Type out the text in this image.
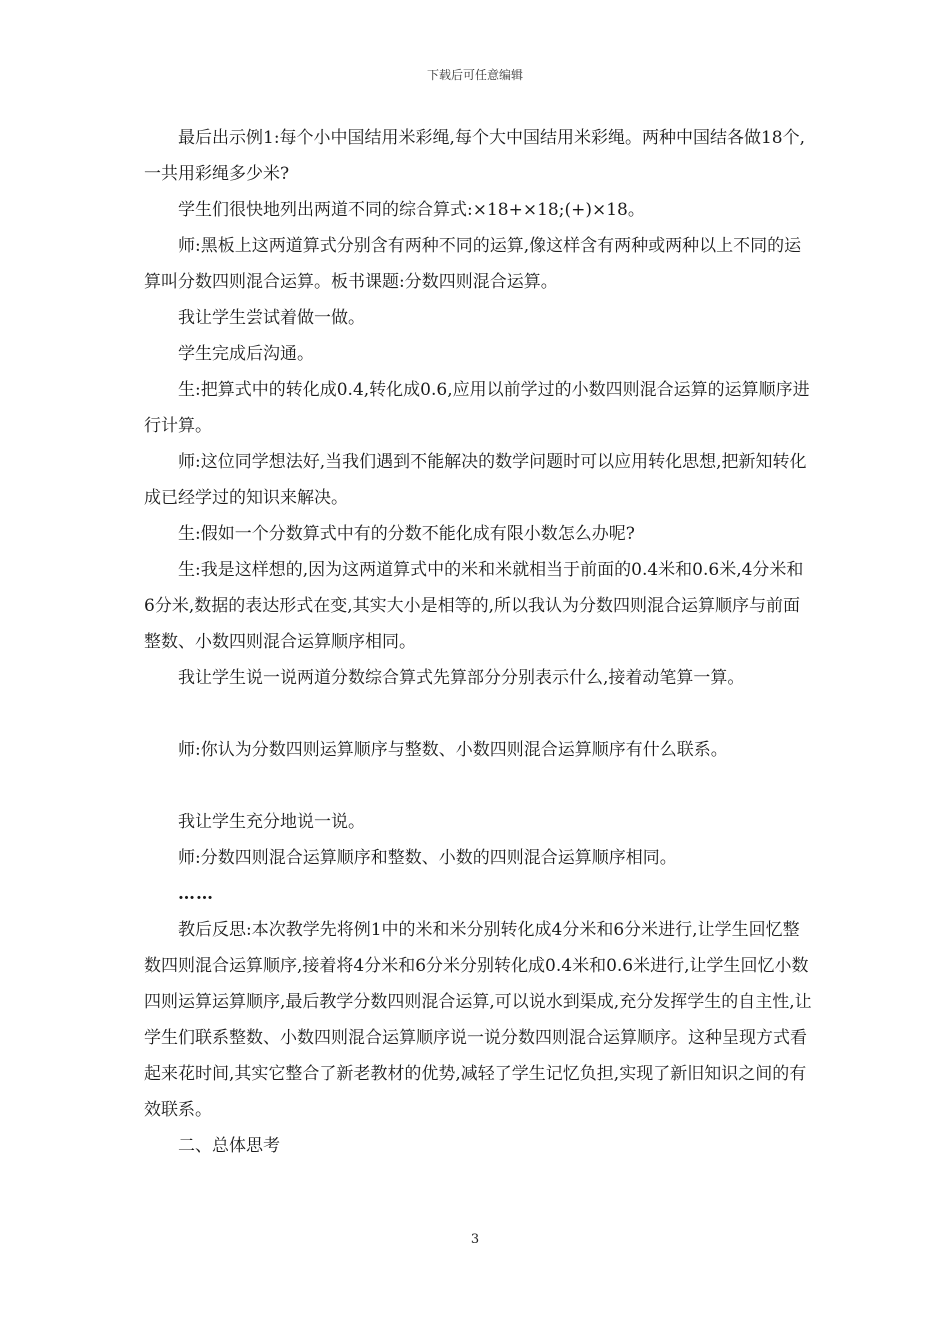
下载后可任意编辑

最后出示例1:每个小中国结用米彩绳,每个大中国结用米彩绳。两种中国结各做18个,一共用彩绳多少米?

学生们很快地列出两道不同的综合算式:×18+×18;(+)×18。

师:黑板上这两道算式分别含有两种不同的运算,像这样含有两种或两种以上不同的运算叫分数四则混合运算。板书课题:分数四则混合运算。

我让学生尝试着做一做。

学生完成后沟通。

生:把算式中的转化成0.4,转化成0.6,应用以前学过的小数四则混合运算的运算顺序进行计算。

师:这位同学想法好,当我们遇到不能解决的数学问题时可以应用转化思想,把新知转化成已经学过的知识来解决。

生:假如一个分数算式中有的分数不能化成有限小数怎么办呢?

生:我是这样想的,因为这两道算式中的米和米就相当于前面的0.4米和0.6米,4分米和6分米,数据的表达形式在变,其实大小是相等的,所以我认为分数四则混合运算顺序与前面整数、小数四则混合运算顺序相同。

我让学生说一说两道分数综合算式先算部分分别表示什么,接着动笔算一算。

师:你认为分数四则运算顺序与整数、小数四则混合运算顺序有什么联系。

我让学生充分地说一说。

师:分数四则混合运算顺序和整数、小数的四则混合运算顺序相同。

……

教后反思:本次教学先将例1中的米和米分别转化成4分米和6分米进行,让学生回忆整数四则混合运算顺序,接着将4分米和6分米分别转化成0.4米和0.6米进行,让学生回忆小数四则运算运算顺序,最后教学分数四则混合运算,可以说水到渠成,充分发挥学生的自主性,让学生们联系整数、小数四则混合运算顺序说一说分数四则混合运算顺序。这种呈现方式看起来花时间,其实它整合了新老教材的优势,减轻了学生记忆负担,实现了新旧知识之间的有效联系。

二、总体思考

3
